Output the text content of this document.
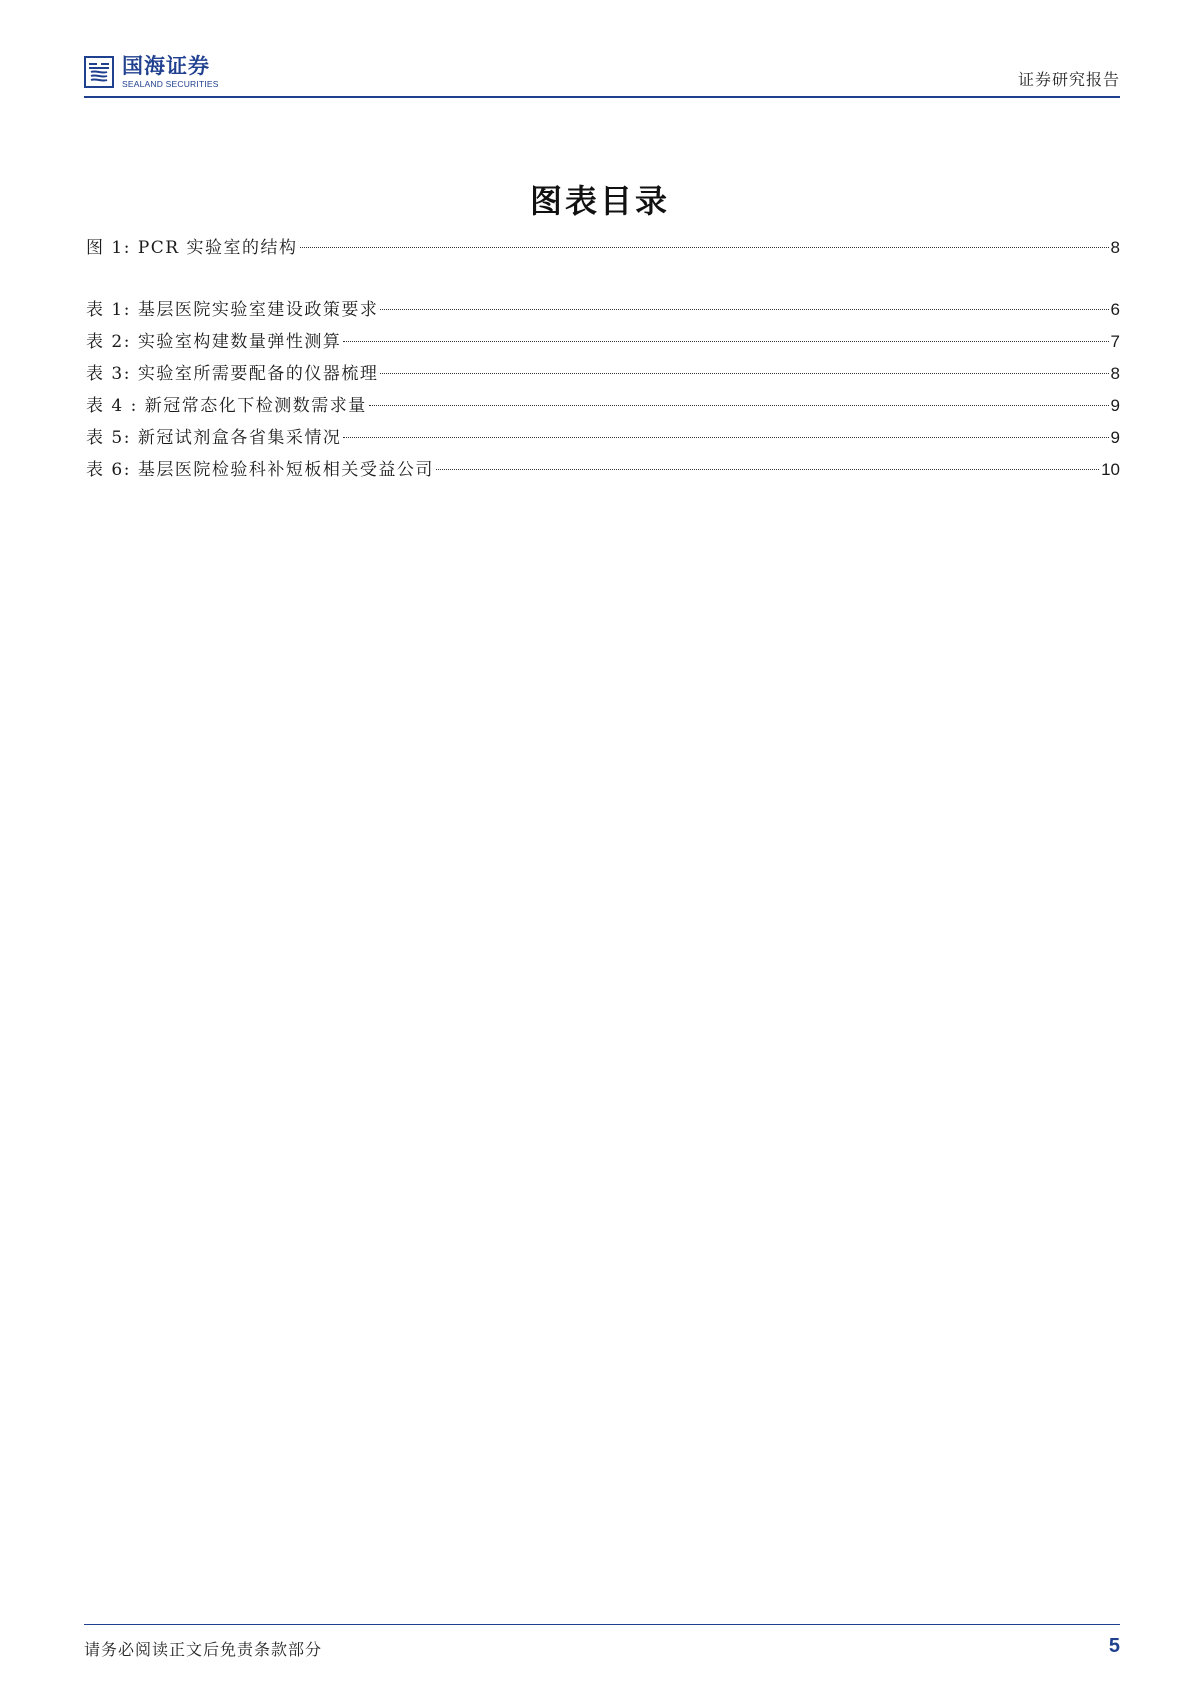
国海证券
SEALAND SECURITIES	证券研究报告
图表目录
图 1: PCR 实验室的结构	8
表 1: 基层医院实验室建设政策要求	6
表 2: 实验室构建数量弹性测算	7
表 3: 实验室所需要配备的仪器梳理	8
表 4 : 新冠常态化下检测数需求量	9
表 5: 新冠试剂盒各省集采情况	9
表 6: 基层医院检验科补短板相关受益公司	10
请务必阅读正文后免责条款部分	5
